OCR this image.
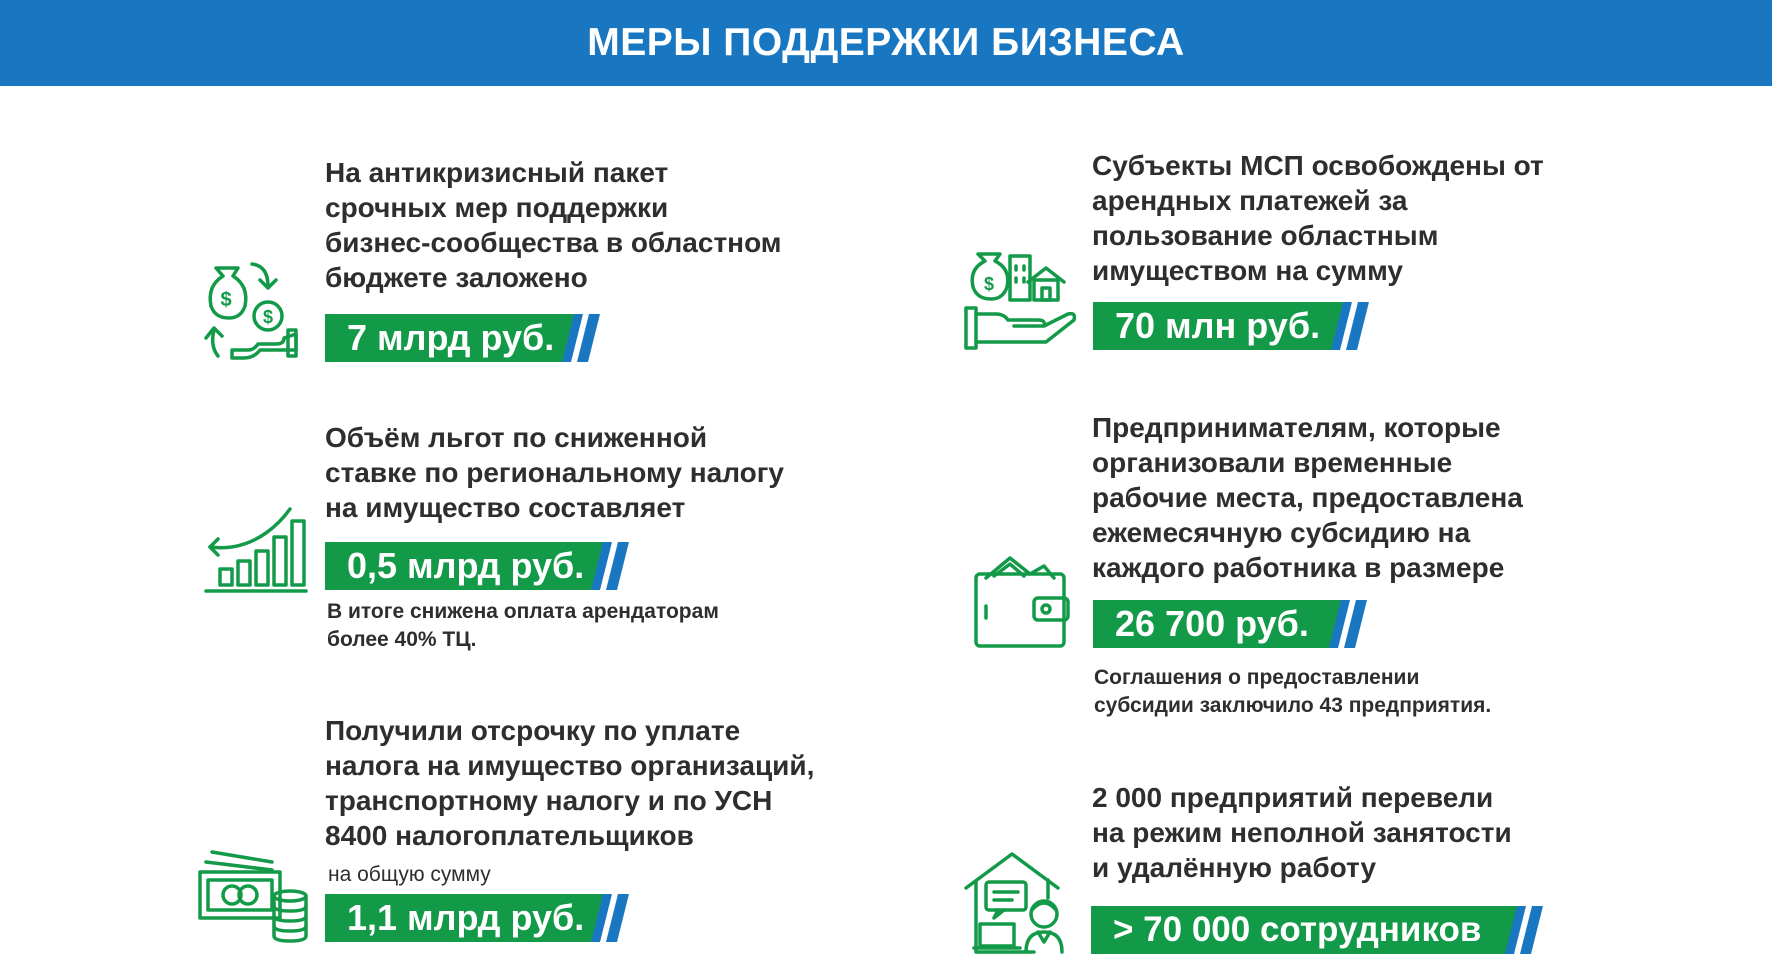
МЕРЫ ПОДДЕРЖКИ БИЗНЕСА
$
$

На антикризисный пакет
срочных мер поддержки
бизнес-сообщества в областном
бюджете заложено

7 млрд руб.

Объём льгот по сниженной
ставке по региональному налогу
на имущество составляет

0,5 млрд руб.

В итоге снижена оплата арендаторам
более 40% ТЦ.

Получили отсрочку по уплате
налога на имущество организаций,
транспортному налогу и по УСН
8400 налогоплательщиков

на общую сумму

1,1 млрд руб.
$

Субъекты МСП освобождены от
арендных платежей за
пользование областным
имуществом на сумму

70 млн руб.

Предпринимателям, которые
организовали временные
рабочие места, предоставлена
ежемесячную субсидию на
каждого работника в размере

26 700 руб.

Соглашения о предоставлении
субсидии заключило 43 предприятия.

2 000 предприятий перевели
на режим неполной занятости
и удалённую работу

> 70 000 сотрудников
